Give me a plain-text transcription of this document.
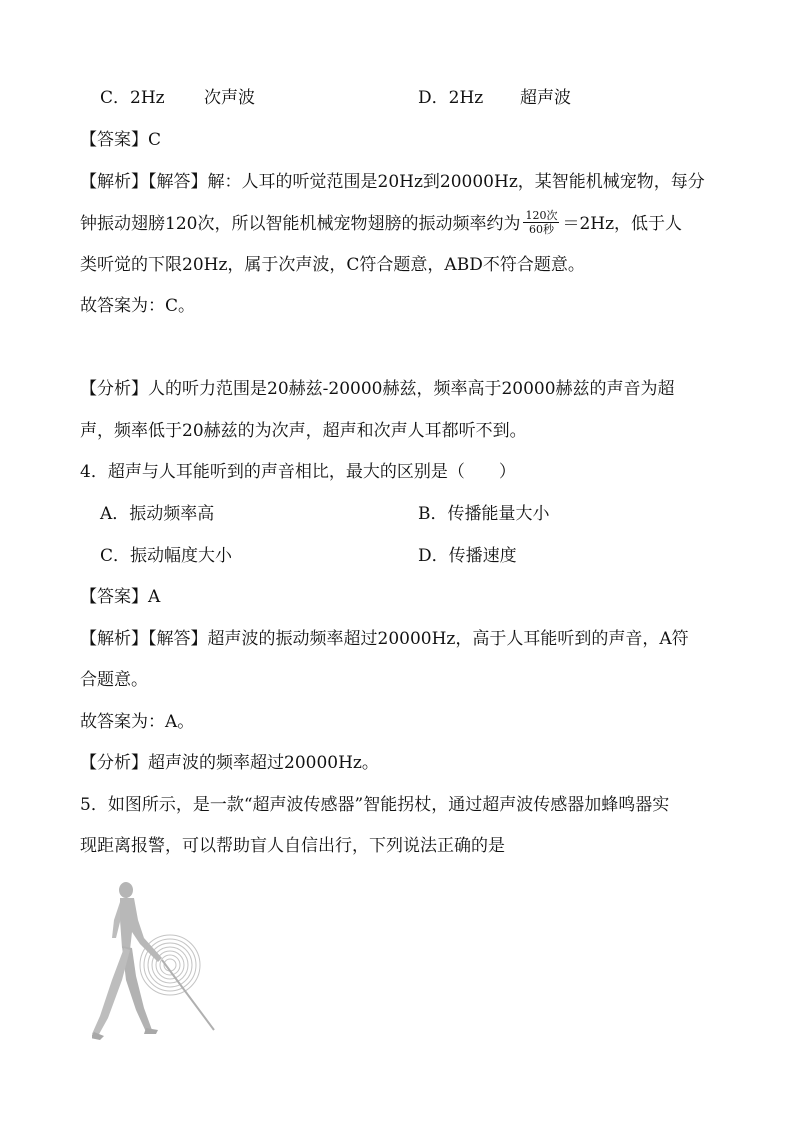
C．2Hz 次声波	D．2Hz 超声波
【答案】C
【解析】【解答】解：人耳的听觉范围是20Hz到20000Hz，某智能机械宠物，每分
钟振动翅膀120次，所以智能机械宠物翅膀的振动频率约为 $\frac{\text{120次}}{\text{60秒}} =2Hz$，低于人
类听觉的下限20Hz，属于次声波，C符合题意，ABD不符合题意。
故答案为：C。
【分析】人的听力范围是20赫兹-20000赫兹，频率高于20000赫兹的声音为超
声，频率低于20赫兹的为次声，超声和次声人耳都听不到。
4．超声与人耳能听到的声音相比，最大的区别是（　　）
A．振动频率高	B．传播能量大小
C．振动幅度大小	D．传播速度
【答案】A
【解析】【解答】超声波的振动频率超过20000Hz，高于人耳能听到的声音，A符
合题意。
故答案为：A。
【分析】超声波的频率超过20000Hz。
5．如图所示，是一款“超声波传感器”智能拐杖，通过超声波传感器加蜂鸣器实
现距离报警，可以帮助盲人自信出行，下列说法正确的是
